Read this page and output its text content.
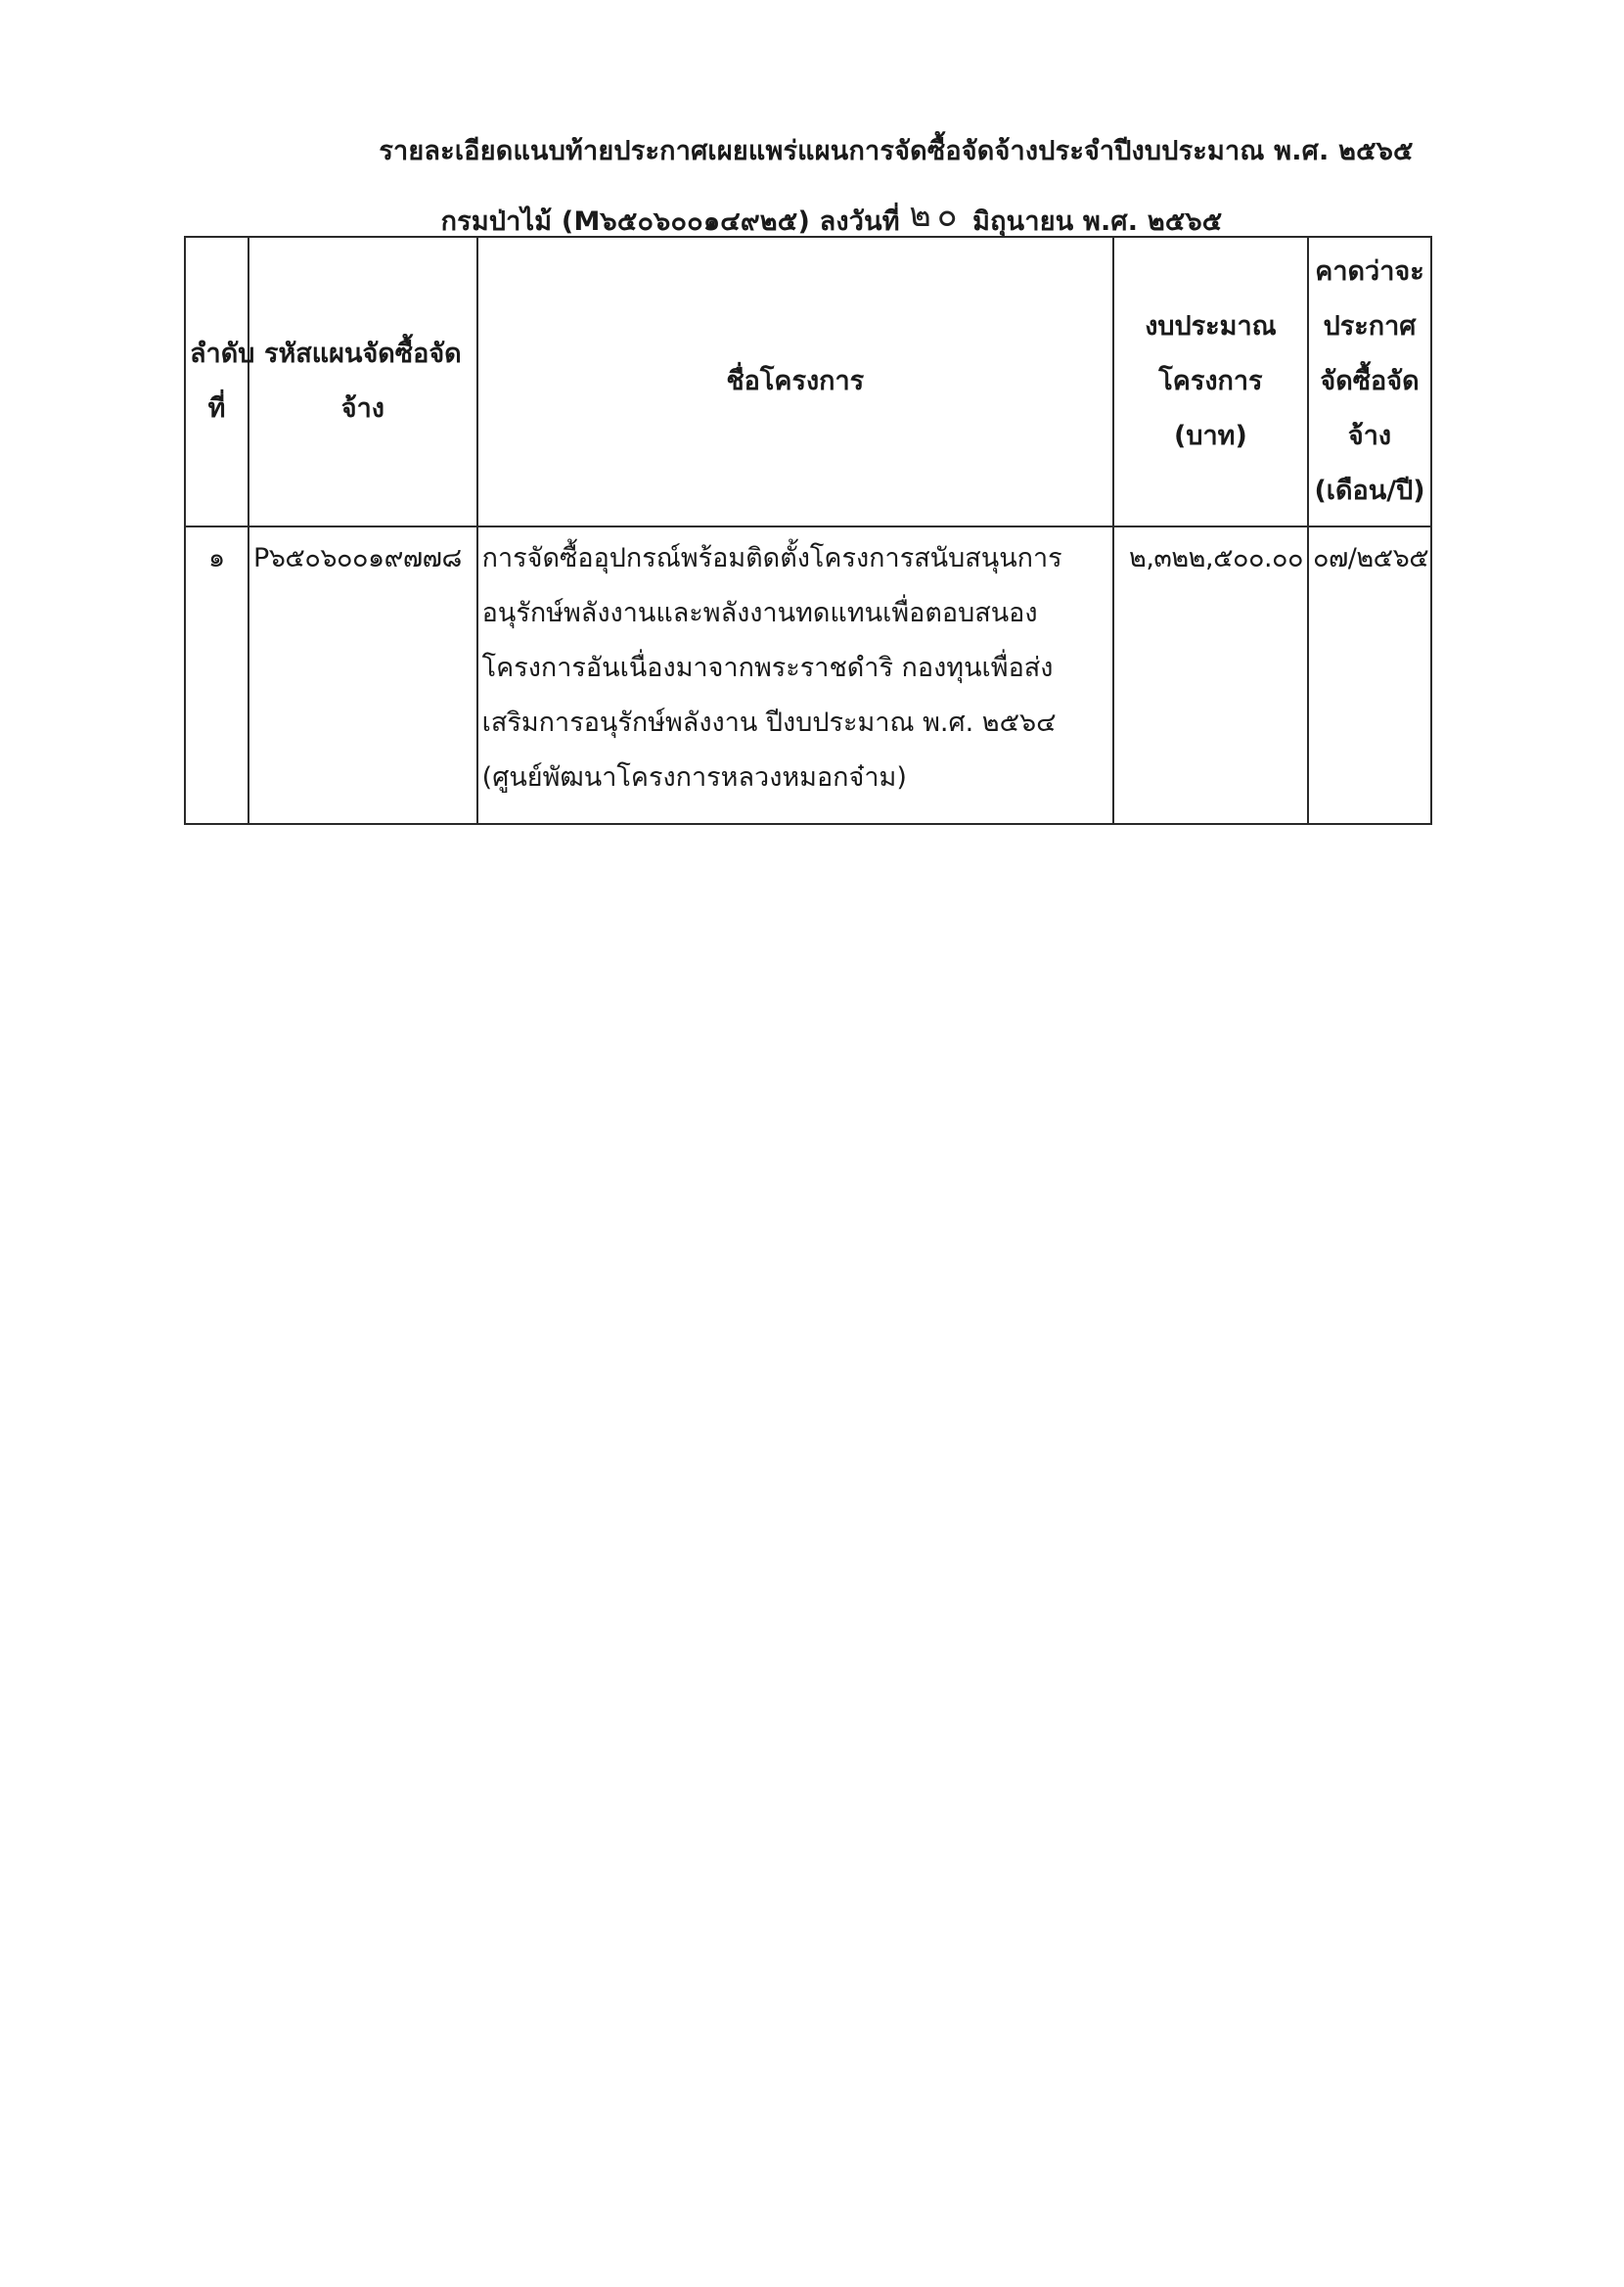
รายละเอียดแนบท้ายประกาศเผยแพร่แผนการจัดซื้อจัดจ้างประจำปีงบประมาณ พ.ศ. ๒๕๖๕
กรมป่าไม้ (M๖๕๐๖๐๐๑๔๙๒๕) ลงวันที่ ๒๐ มิถุนายน พ.ศ. ๒๕๖๕
ลำดับที่	รหัสแผนจัดซื้อจัดจ้าง	ชื่อโครงการ	งบประมาณโครงการ (บาท)	คาดว่าจะประกาศจัดซื้อจัดจ้าง (เดือน/ปี)

๑	P๖๕๐๖๐๐๑๙๗๗๘	การจัดซื้ออุปกรณ์พร้อมติดตั้งโครงการสนับสนุนการอนุรักษ์พลังงานและพลังงานทดแทนเพื่อตอบสนองโครงการอันเนื่องมาจากพระราชดำริ กองทุนเพื่อส่งเสริมการอนุรักษ์พลังงาน ปีงบประมาณ พ.ศ. ๒๕๖๔ (ศูนย์พัฒนาโครงการหลวงหมอกจ๋าม)	๒,๓๒๒,๕๐๐.๐๐	๐๗/๒๕๖๕
